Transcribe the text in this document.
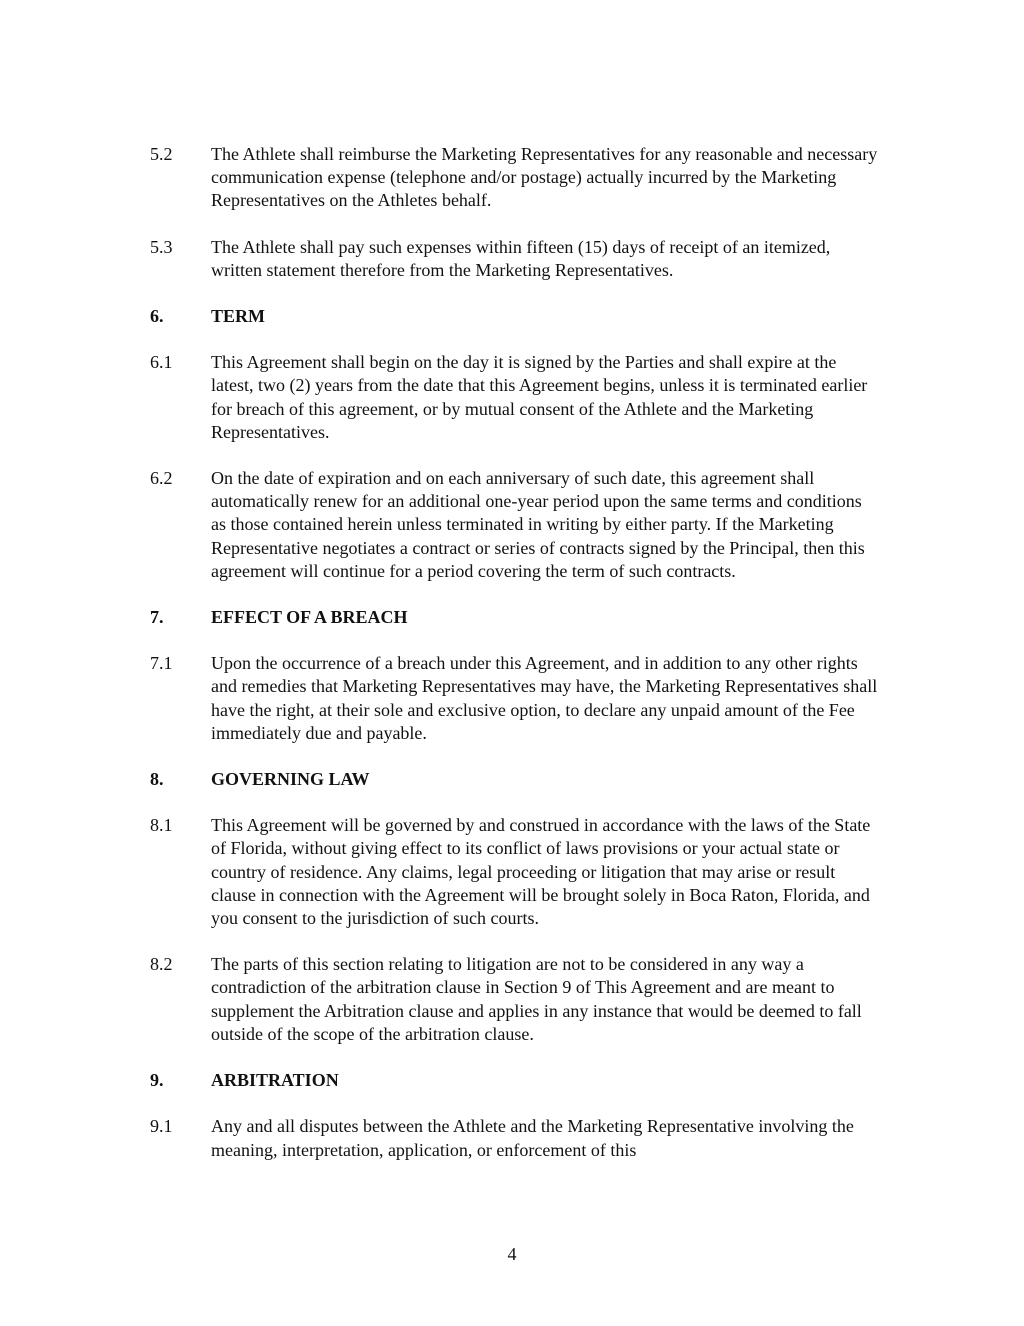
5.2	The Athlete shall reimburse the Marketing Representatives for any reasonable and necessary communication expense (telephone and/or postage) actually incurred by the Marketing Representatives on the Athletes behalf.
5.3	The Athlete shall pay such expenses within fifteen (15) days of receipt of an itemized, written statement therefore from the Marketing Representatives.
6.	TERM
6.1	This Agreement shall begin on the day it is signed by the Parties and shall expire at the latest, two (2) years from the date that this Agreement begins, unless it is terminated earlier for breach of this agreement, or by mutual consent of the Athlete and the Marketing Representatives.
6.2	On the date of expiration and on each anniversary of such date, this agreement shall automatically renew for an additional one-year period upon the same terms and conditions as those contained herein unless terminated in writing by either party. If the Marketing Representative negotiates a contract or series of contracts signed by the Principal, then this agreement will continue for a period covering the term of such contracts.
7.	EFFECT OF A BREACH
7.1	Upon the occurrence of a breach under this Agreement, and in addition to any other rights and remedies that Marketing Representatives may have, the Marketing Representatives shall have the right, at their sole and exclusive option, to declare any unpaid amount of the Fee immediately due and payable.
8.	GOVERNING LAW
8.1	This Agreement will be governed by and construed in accordance with the laws of the State of Florida, without giving effect to its conflict of laws provisions or your actual state or country of residence. Any claims, legal proceeding or litigation that may arise or result clause in connection with the Agreement will be brought solely in Boca Raton, Florida, and you consent to the jurisdiction of such courts.
8.2	The parts of this section relating to litigation are not to be considered in any way a contradiction of the arbitration clause in Section 9 of This Agreement and are meant to supplement the Arbitration clause and applies in any instance that would be deemed to fall outside of the scope of the arbitration clause.
9.	ARBITRATION
9.1	Any and all disputes between the Athlete and the Marketing Representative involving the meaning, interpretation, application, or enforcement of this
4
